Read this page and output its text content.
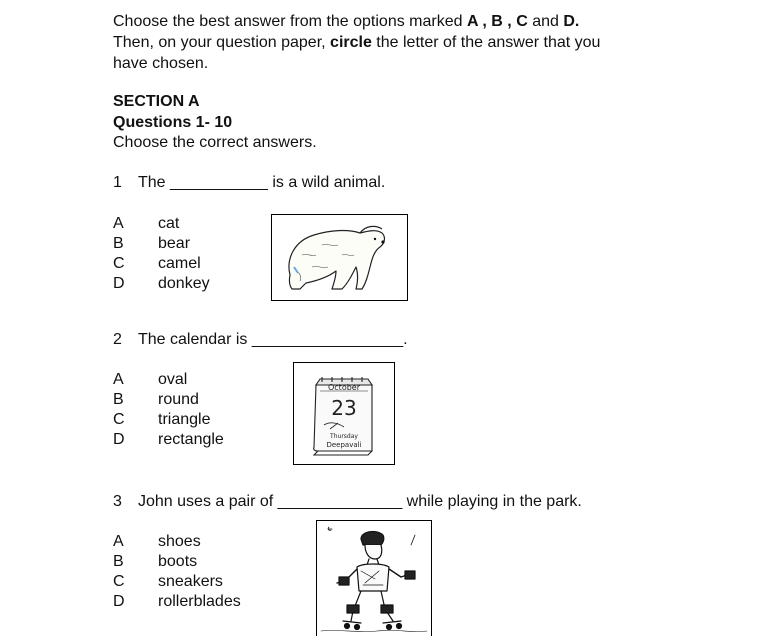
Choose the best answer from the options marked A , B , C and D.
Then, on your question paper, circle the letter of the answer that you
have chosen.
SECTION A
Questions 1- 10
Choose the correct answers.
1 The ___________ is a wild animal.
A cat
B bear
C camel
D donkey
2 The calendar is _________________.
A oval
B round
C triangle
D rectangle
October
23
Thursday
Deepavali
3 John uses a pair of ______________ while playing in the park.
A shoes
B boots
C sneakers
D rollerblades
